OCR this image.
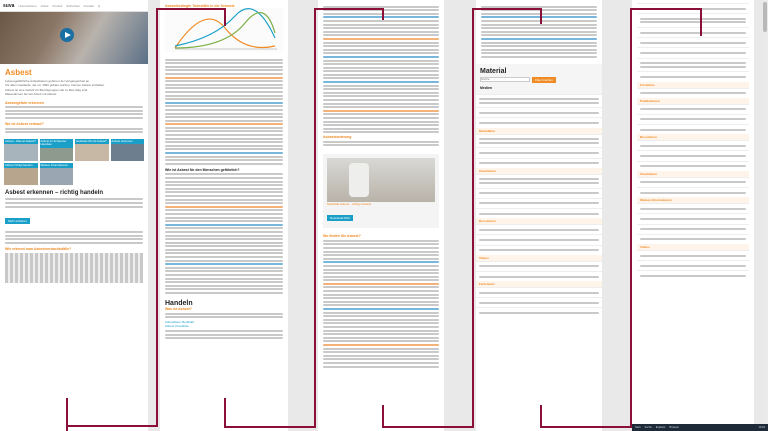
suva Unternehmen Arbeit Freizeit Sicherheit Kontakt Q
Asbest
Lebensgefährliche Asbestfasern gehören der Vergangenheit an.
Vor allem Gebäude, die vor 1990 gebaut wurden, können Asbest enthalten.
Asbest ist eine Gefahr für Berufsgruppen die im Bau tätig sind.
Massnahmen bei der Arbeit mit Asbest.
Asbestgefahr erkennen
Wo ist Asbest verbaut?
Asbest - Was ist Asbest?	Asbest im Schweizer Hausbau
Gebäude Wo ist Asbest?	Asbest erkennen
Asbest richtig handeln	Weitere Informationen
Asbest erkennen – richtig handeln
Mehr erfahren
Wie erkennt man Asbestverdachtsfälle?
Asbestbedingte Todesfälle in der Schweiz
Wie ist Asbest für den Menschen gefährlich?
Handeln
Was ist Asbest?
Asbestfaser Merkblatt
Asbest Checkliste
Asbestsanierung
Merkblatt Asbest - richtig handeln
Download PDF
Wo finden Sie Asbest?
Material
Suche
Filter löschen
Medien
Merkblätter
Checklisten
Broschüren
Videos
Factsheets
Formulare
Publikationen
Broschüren
Checklisten
Weitere Informationen
Videos
Start Suche Explorer Browser	10:24
